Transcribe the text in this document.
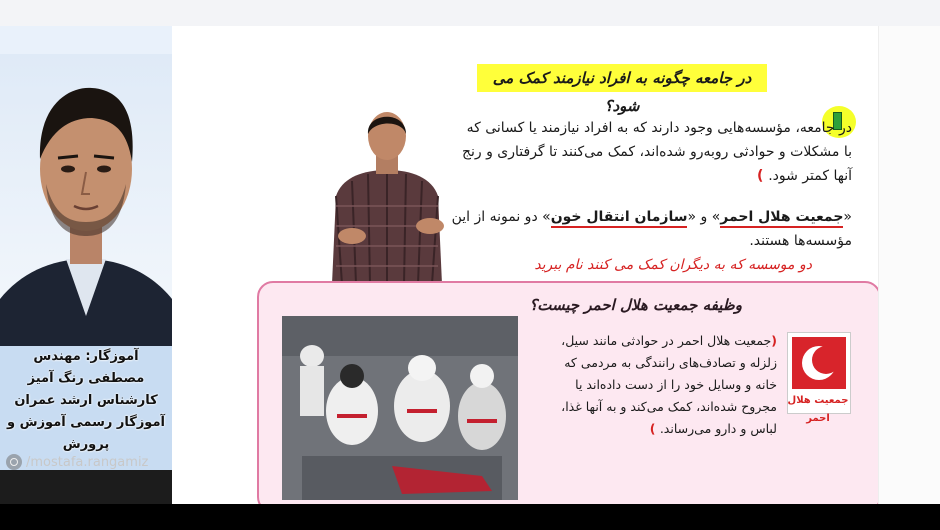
آموزگار: مهندس مصطفی رنگ آمیز
کارشناس ارشد عمران
آموزگار رسمی آموزش و پرورش
/mostafa.rangamiz
در جامعه چگونه به افراد نیازمند کمک می شود؟
در جامعه، مؤسسه‌هایی وجود دارند که به افراد نیازمند یا کسانی که
با مشکلات و حوادثی روبه‌رو شده‌اند، کمک می‌کنند تا گرفتاری و رنج
آنها کمتر شود. )
«جمعیت هلال احمر» و «سازمان انتقال خون» دو نمونه از این
مؤسسه‌ها هستند.
دو موسسه که به دیگران کمک می کنند نام ببرید
وظیفه جمعیت هلال احمر چیست؟
(جمعیت هلال احمر در حوادثی مانند سیل،
زلزله و تصادف‌های رانندگی به مردمی که
خانه و وسایل خود را از دست داده‌اند یا
مجروح شده‌اند، کمک می‌کند و به آنها غذا،
لباس و دارو می‌رساند. )
جمعیت هلال احمر
